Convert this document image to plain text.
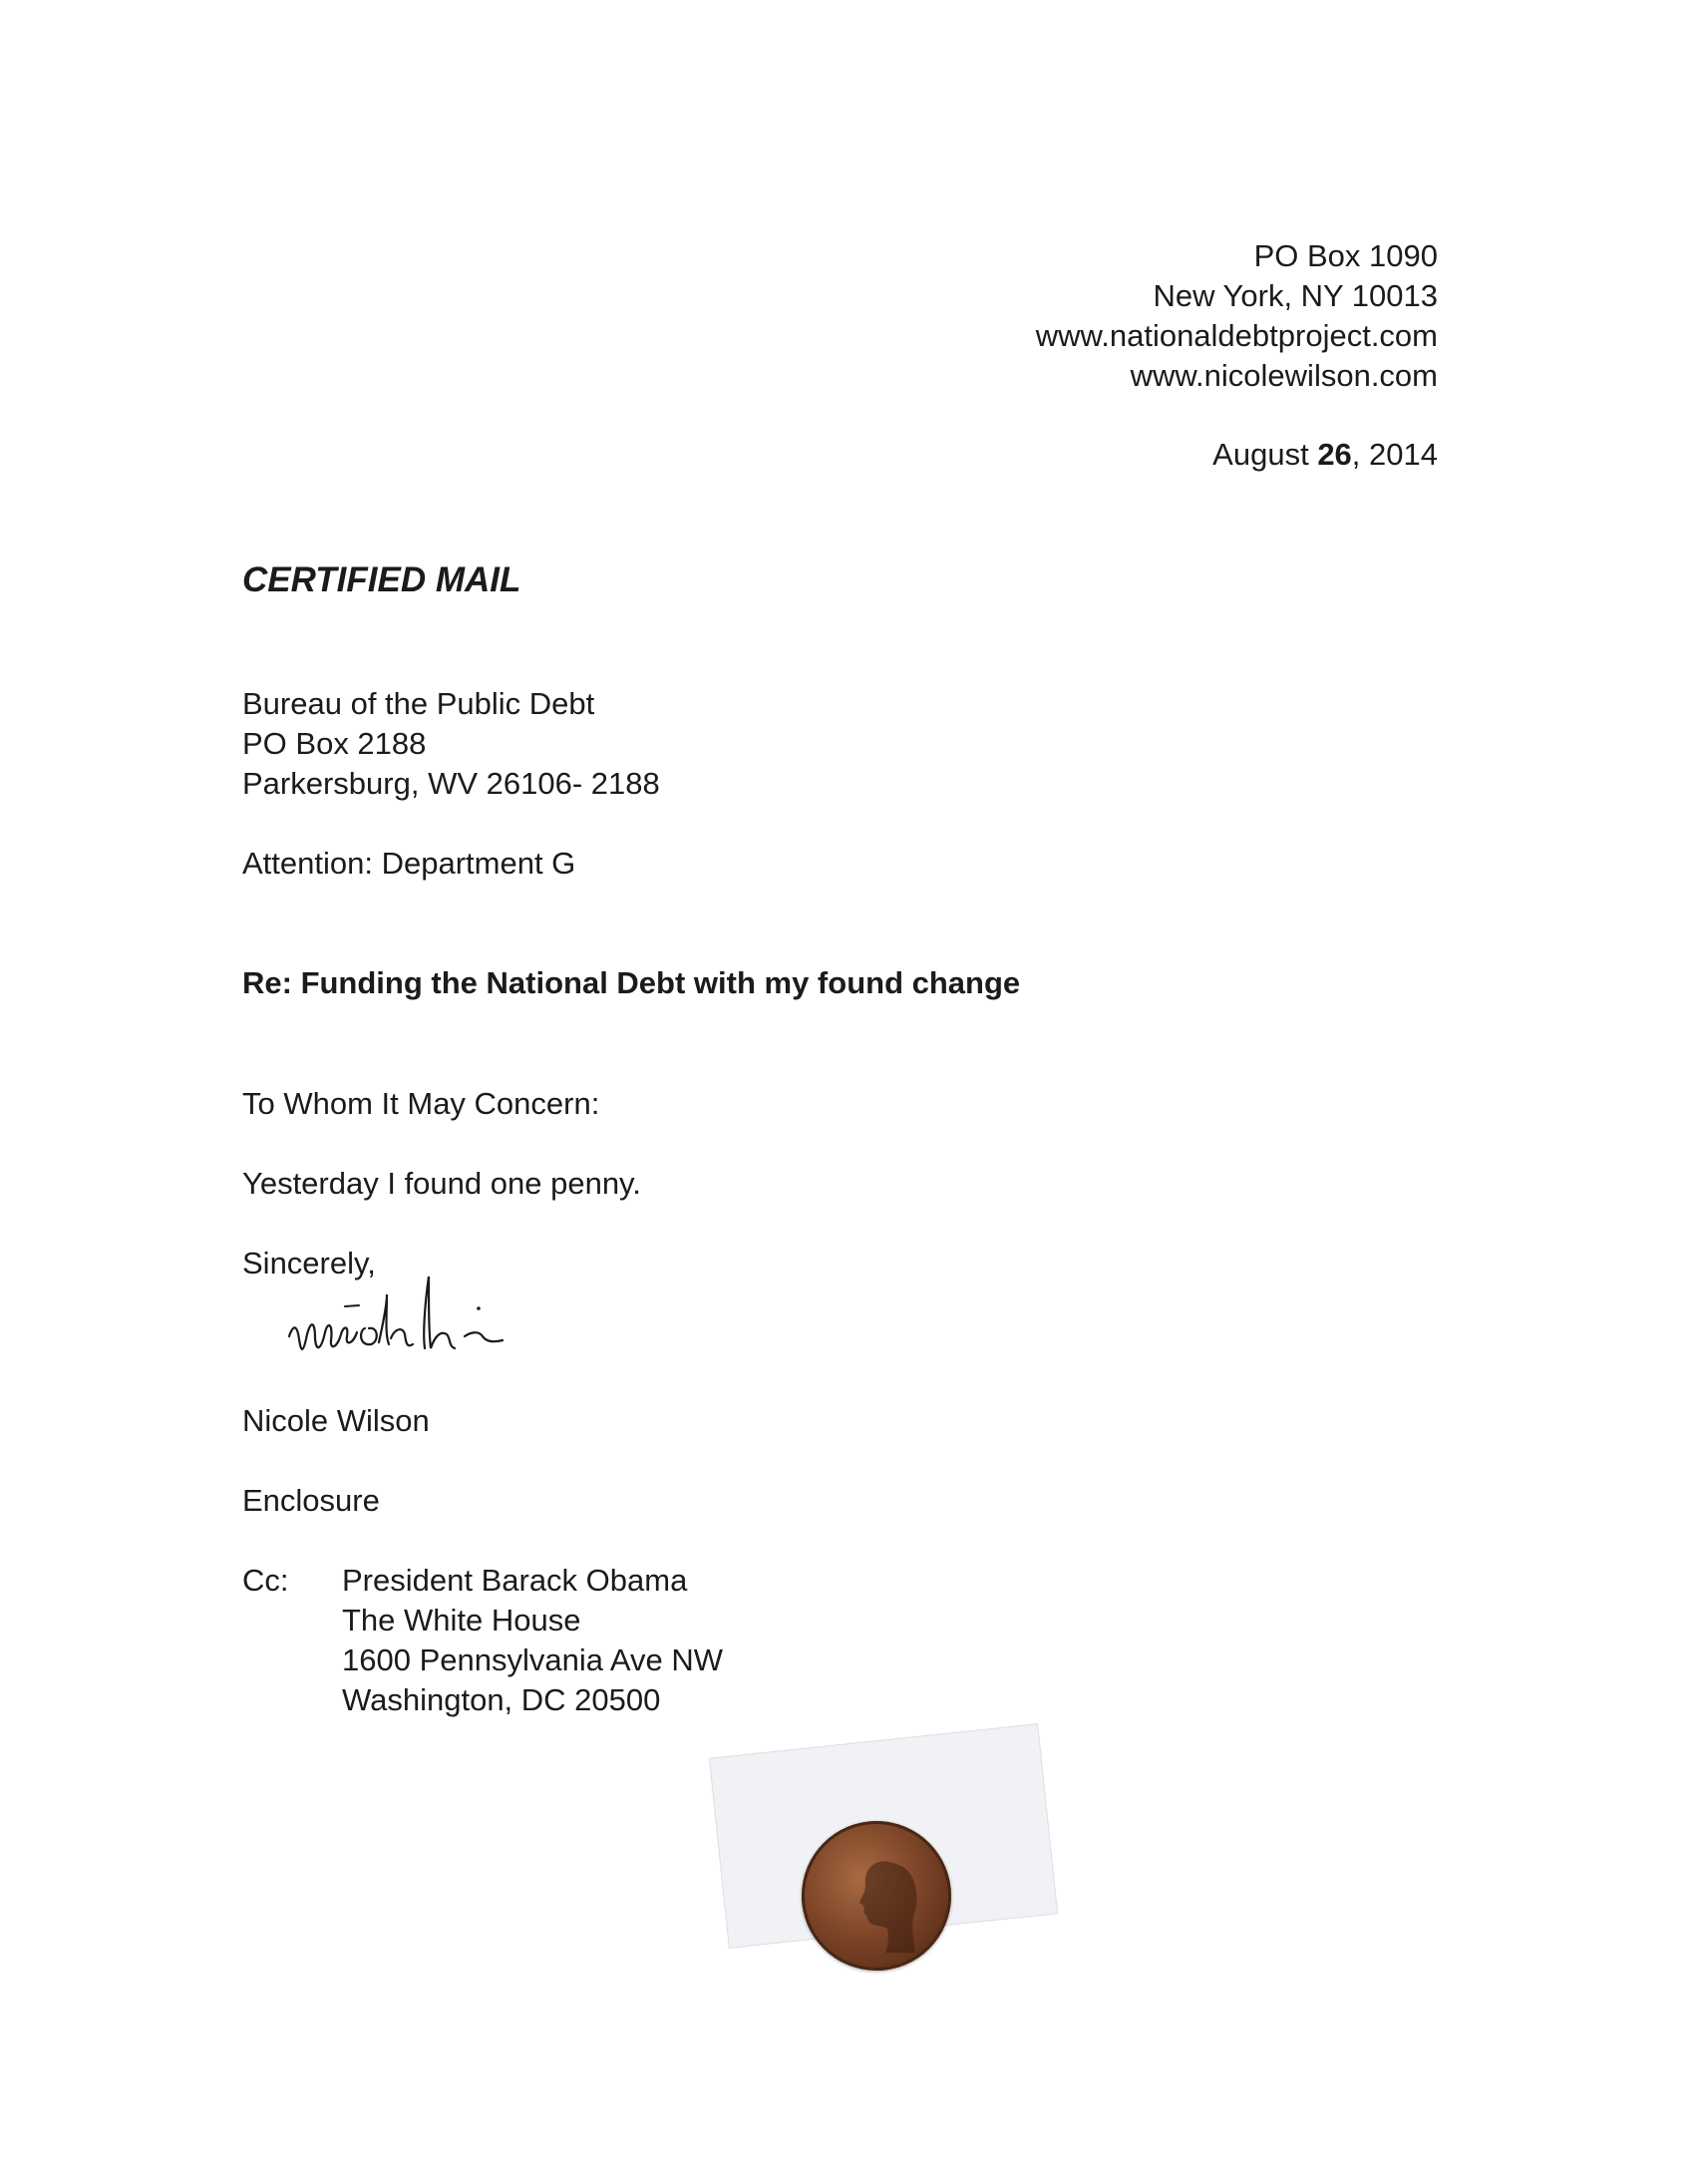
PO Box 1090
New York, NY 10013
www.nationaldebtproject.com
www.nicolewilson.com
August 26, 2014
CERTIFIED MAIL
Bureau of the Public Debt
PO Box 2188
Parkersburg, WV 26106- 2188
Attention: Department G
Re: Funding the National Debt with my found change
To Whom It May Concern:
Yesterday I found one penny.
Sincerely,
Nicole Wilson
Enclosure
Cc: President Barack Obama
The White House
1600 Pennsylvania Ave NW
Washington, DC 20500
